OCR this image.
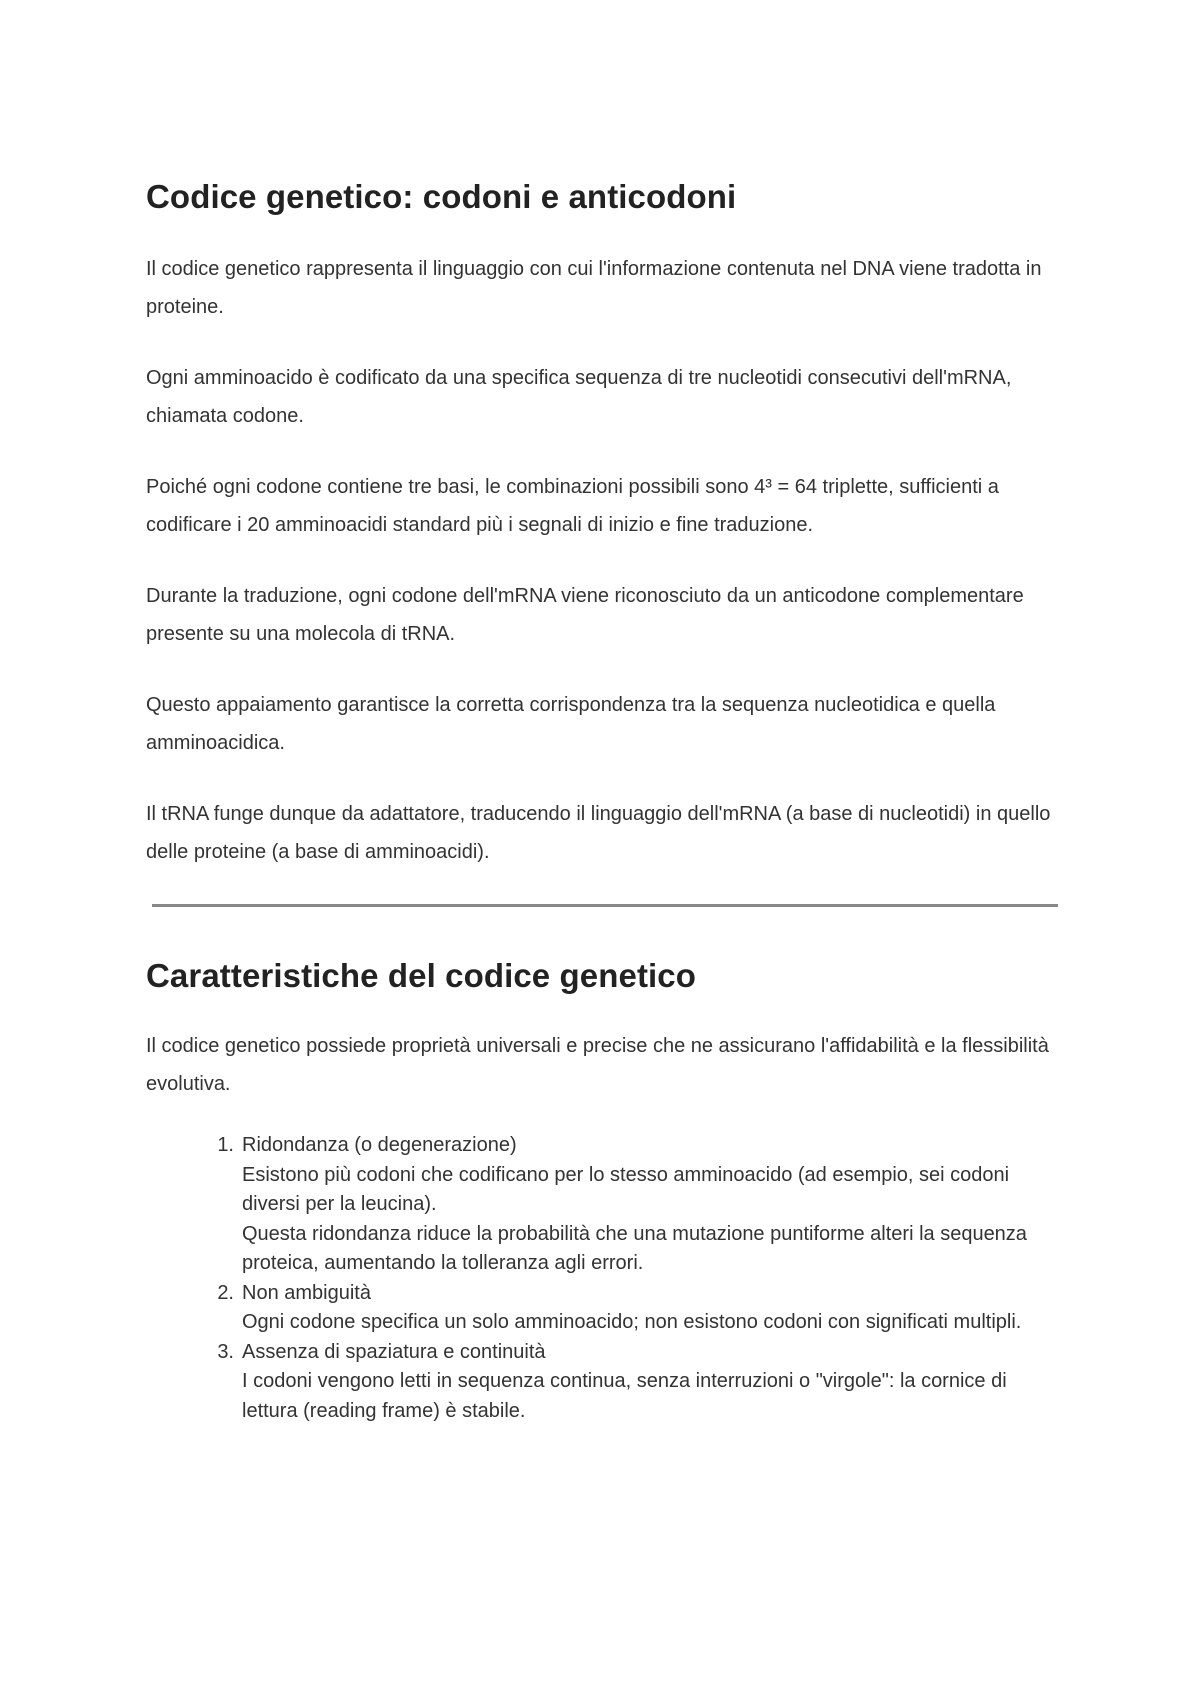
Codice genetico: codoni e anticodoni

Il codice genetico rappresenta il linguaggio con cui l'informazione contenuta nel DNA viene tradotta in proteine.

Ogni amminoacido è codificato da una specifica sequenza di tre nucleotidi consecutivi dell'mRNA, chiamata codone.

Poiché ogni codone contiene tre basi, le combinazioni possibili sono 4³ = 64 triplette, sufficienti a codificare i 20 amminoacidi standard più i segnali di inizio e fine traduzione.

Durante la traduzione, ogni codone dell'mRNA viene riconosciuto da un anticodone complementare presente su una molecola di tRNA.

Questo appaiamento garantisce la corretta corrispondenza tra la sequenza nucleotidica e quella amminoacidica.

Il tRNA funge dunque da adattatore, traducendo il linguaggio dell'mRNA (a base di nucleotidi) in quello delle proteine (a base di amminoacidi).

Caratteristiche del codice genetico

Il codice genetico possiede proprietà universali e precise che ne assicurano l'affidabilità e la flessibilità evolutiva.

1. Ridondanza (o degenerazione)
Esistono più codoni che codificano per lo stesso amminoacido (ad esempio, sei codoni diversi per la leucina).
Questa ridondanza riduce la probabilità che una mutazione puntiforme alteri la sequenza proteica, aumentando la tolleranza agli errori.
2. Non ambiguità
Ogni codone specifica un solo amminoacido; non esistono codoni con significati multipli.
3. Assenza di spaziatura e continuità
I codoni vengono letti in sequenza continua, senza interruzioni o "virgole": la cornice di lettura (reading frame) è stabile.
